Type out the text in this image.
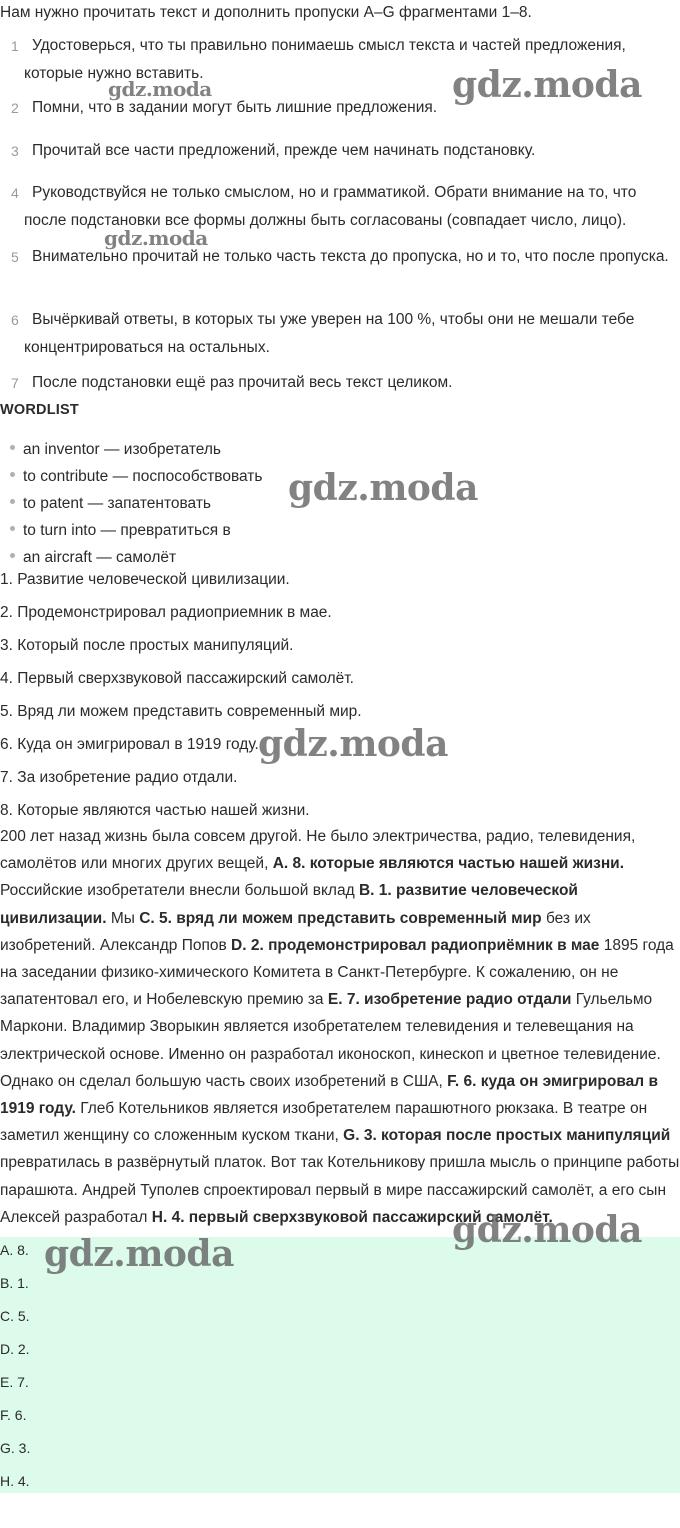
Нам нужно прочитать текст и дополнить пропуски A–G фрагментами 1–8.
1 Удостоверься, что ты правильно понимаешь смысл текста и частей предложения, которые нужно вставить.
2 Помни, что в задании могут быть лишние предложения.
3 Прочитай все части предложений, прежде чем начинать подстановку.
4 Руководствуйся не только смыслом, но и грамматикой. Обрати внимание на то, что после подстановки все формы должны быть согласованы (совпадает число, лицо).
5 Внимательно прочитай не только часть текста до пропуска, но и то, что после пропуска.
6 Вычёркивай ответы, в которых ты уже уверен на 100 %, чтобы они не мешали тебе концентрироваться на остальных.
7 После подстановки ещё раз прочитай весь текст целиком.
WORDLIST
an inventor — изобретатель
to contribute — поспособствовать
to patent — запатентовать
to turn into — превратиться в
an aircraft — самолёт
1. Развитие человеческой цивилизации.
2. Продемонстрировал радиоприемник в мае.
3. Который после простых манипуляций.
4. Первый сверхзвуковой пассажирский самолёт.
5. Вряд ли можем представить современный мир.
6. Куда он эмигрировал в 1919 году.
7. За изобретение радио отдали.
8. Которые являются частью нашей жизни.
200 лет назад жизнь была совсем другой. Не было электричества, радио, телевидения, самолётов или многих других вещей, A. 8. которые являются частью нашей жизни. Российские изобретатели внесли большой вклад B. 1. развитие человеческой цивилизации. Мы C. 5. вряд ли можем представить современный мир без их изобретений. Александр Попов D. 2. продемонстрировал радиоприёмник в мае 1895 года на заседании физико-химического Комитета в Санкт-Петербурге. К сожалению, он не запатентовал его, и Нобелевскую премию за E. 7. изобретение радио отдали Гульельмо Маркони. Владимир Зворыкин является изобретателем телевидения и телевещания на электрической основе. Именно он разработал иконоскоп, кинескоп и цветное телевидение. Однако он сделал большую часть своих изобретений в США, F. 6. куда он эмигрировал в 1919 году. Глеб Котельников является изобретателем парашютного рюкзака. В театре он заметил женщину со сложенным куском ткани, G. 3. которая после простых манипуляций превратилась в развёрнутый платок. Вот так Котельникову пришла мысль о принципе работы парашюта. Андрей Туполев спроектировал первый в мире пассажирский самолёт, а его сын Алексей разработал H. 4. первый сверхзвуковой пассажирский самолёт.
A. 8.
B. 1.
C. 5.
D. 2.
E. 7.
F. 6.
G. 3.
H. 4.
gdz.moda
gdz.moda
gdz.moda
gdz.moda
gdz.moda
gdz.moda
gdz.moda
